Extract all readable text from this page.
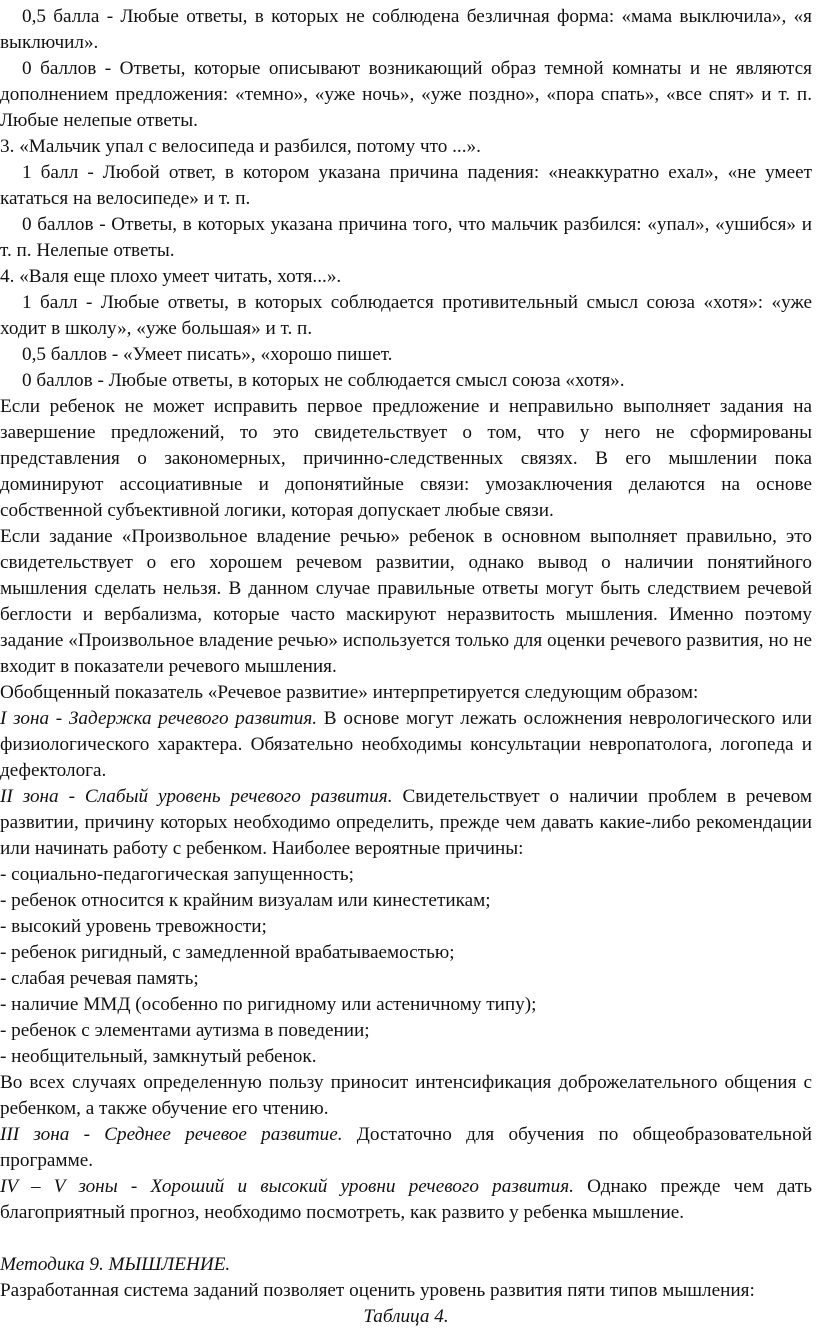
0,5 балла - Любые ответы, в которых не соблюдена безличная форма: «мама выключила», «я выключил».

0 баллов - Ответы, которые описывают возникающий образ темной комнаты и не являются дополнением предложения: «темно», «уже ночь», «уже поздно», «пора спать», «все спят» и т. п. Любые нелепые ответы.

3. «Мальчик упал с велосипеда и разбился, потому что ...».

1 балл - Любой ответ, в котором указана причина падения: «неаккуратно ехал», «не умеет кататься на велосипеде» и т. п.

0 баллов - Ответы, в которых указана причина того, что мальчик разбился: «упал», «ушибся» и т. п. Нелепые ответы.

4. «Валя еще плохо умеет читать, хотя...».

1 балл - Любые ответы, в которых соблюдается противительный смысл союза «хотя»: «уже ходит в школу», «уже большая» и т. п.

0,5 баллов - «Умеет писать», «хорошо пишет.

0 баллов - Любые ответы, в которых не соблюдается смысл союза «хотя».

Если ребенок не может исправить первое предложение и неправильно выполняет задания на завершение предложений, то это свидетельствует о том, что у него не сформированы представления о закономерных, причинно-следственных связях. В его мышлении пока доминируют ассоциативные и допонятийные связи: умозаключения делаются на основе собственной субъективной логики, которая допускает любые связи.

Если задание «Произвольное владение речью» ребенок в основном выполняет правильно, это свидетельствует о его хорошем речевом развитии, однако вывод о наличии понятийного мышления сделать нельзя. В данном случае правильные ответы могут быть следствием речевой беглости и вербализма, которые часто маскируют неразвитость мышления. Именно поэтому задание «Произвольное владение речью» используется только для оценки речевого развития, но не входит в показатели речевого мышления.

Обобщенный показатель «Речевое развитие» интерпретируется следующим образом:

I зона - Задержка речевого развития. В основе могут лежать осложнения неврологического или физиологического характера. Обязательно необходимы консультации невропатолога, логопеда и дефектолога.

II зона - Слабый уровень речевого развития. Свидетельствует о наличии проблем в речевом развитии, причину которых необходимо определить, прежде чем давать какие-либо рекомендации или начинать работу с ребенком. Наиболее вероятные причины:

- социально-педагогическая запущенность;

- ребенок относится к крайним визуалам или кинестетикам;

- высокий уровень тревожности;

- ребенок ригидный, с замедленной врабатываемостью;

- слабая речевая память;

- наличие ММД (особенно по ригидному или астеничному типу);

- ребенок с элементами аутизма в поведении;

- необщительный, замкнутый ребенок.

Во всех случаях определенную пользу приносит интенсификация доброжелательного общения с ребенком, а также обучение его чтению.

III зона - Среднее речевое развитие. Достаточно для обучения по общеобразовательной программе.

IV – V зоны - Хороший и высокий уровни речевого развития. Однако прежде чем дать благоприятный прогноз, необходимо посмотреть, как развито у ребенка мышление.

Методика 9. МЫШЛЕНИЕ.

Разработанная система заданий позволяет оценить уровень развития пяти типов мышления:

Таблица 4.
